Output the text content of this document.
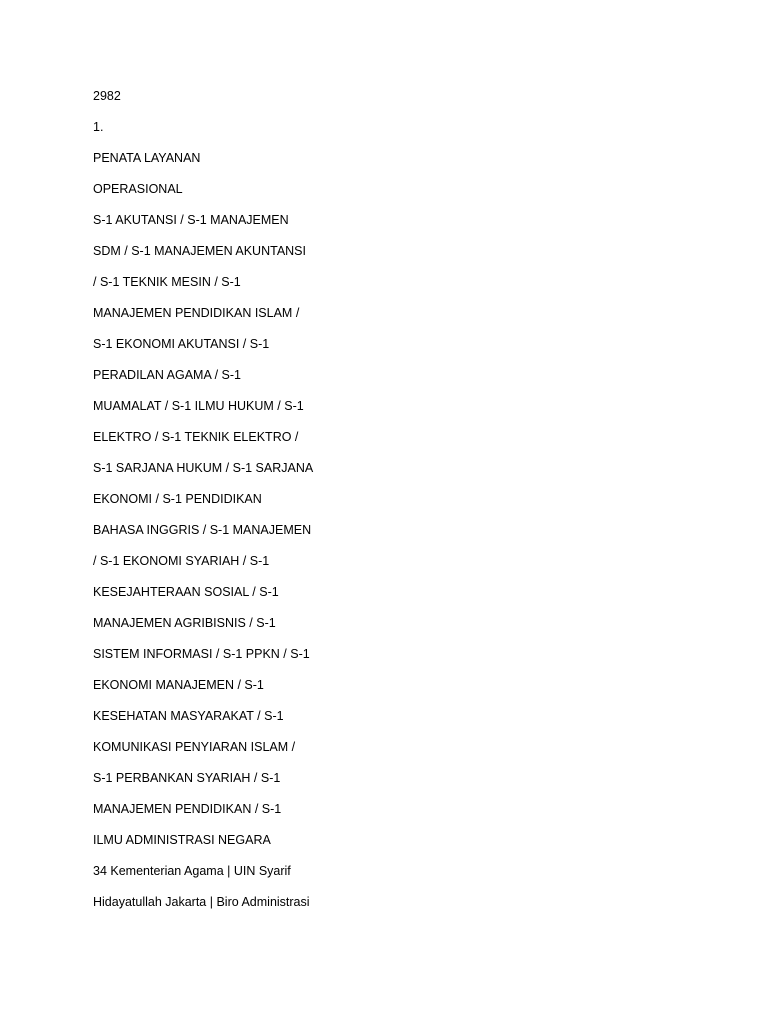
2982
1.
PENATA LAYANAN
OPERASIONAL
S-1 AKUTANSI / S-1 MANAJEMEN
SDM / S-1 MANAJEMEN AKUNTANSI
/ S-1 TEKNIK MESIN / S-1
MANAJEMEN PENDIDIKAN ISLAM /
S-1 EKONOMI AKUTANSI / S-1
PERADILAN AGAMA / S-1
MUAMALAT / S-1 ILMU HUKUM / S-1
ELEKTRO / S-1 TEKNIK ELEKTRO /
S-1 SARJANA HUKUM / S-1 SARJANA
EKONOMI / S-1 PENDIDIKAN
BAHASA INGGRIS / S-1 MANAJEMEN
/ S-1 EKONOMI SYARIAH / S-1
KESEJAHTERAAN SOSIAL / S-1
MANAJEMEN AGRIBISNIS / S-1
SISTEM INFORMASI / S-1 PPKN / S-1
EKONOMI MANAJEMEN / S-1
KESEHATAN MASYARAKAT / S-1
KOMUNIKASI PENYIARAN ISLAM /
S-1 PERBANKAN SYARIAH / S-1
MANAJEMEN PENDIDIKAN / S-1
ILMU ADMINISTRASI NEGARA
34 Kementerian Agama | UIN Syarif
Hidayatullah Jakarta | Biro Administrasi
